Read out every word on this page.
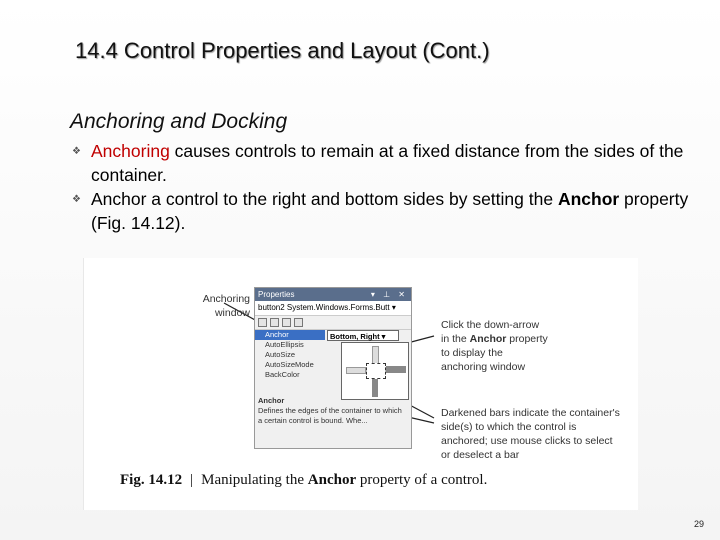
14.4 Control Properties and Layout (Cont.)
Anchoring and Docking
❖ Anchoring causes controls to remain at a fixed distance from the sides of the container.
❖ Anchor a control to the right and bottom sides by setting the Anchor property (Fig. 14.12).
Anchoring
window
Click the down-arrow
in the Anchor property
to display the
anchoring window
Darkened bars indicate the container's side(s) to which the control is anchored; use mouse clicks to select or deselect a bar
Properties	▾ ⊥ ✕
button2 System.Windows.Forms.Butt ▾
Anchor
AutoEllipsis
AutoSize
AutoSizeMode
BackColor
Bottom, Right ▾
Anchor
Defines the edges of the container to which a certain control is bound. Whe...
Fig. 14.12 | Manipulating the Anchor property of a control.
29
